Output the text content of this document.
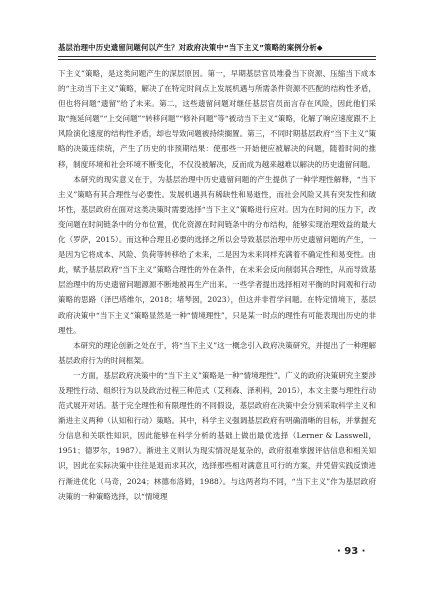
基层治理中历史遗留问题何以产生？对政府决策中“当下主义”策略的案例分析◆

下主义”策略，是这类问题产生的深层原因。第一，早期基层官员堆叠当下资源、压缩当下成本的“主动当下主义”策略，解决了在特定时间点上发展机遇与所需条件资源不匹配的结构性矛盾，但也将问题“遗留”给了未来。第二，这些遗留问题对继任基层官员而言存在风险，因此他们采取“拖延问题”“上交问题”“转移问题”“修补问题”等“被动当下主义”策略，化解了响应速度跟不上风险演化速度的结构性矛盾，却也导致问题被持续搁置。第三，不同时期基层政府“当下主义”策略的决策连续统，产生了历史的非预期结果：使那些一开始便应被解决的问题，随着时间的推移，制度环境和社会环境不断变化，不仅没被解决，反而成为越来越难以解决的历史遗留问题。

本研究的现实意义在于，为基层治理中历史遗留问题的产生提供了一种学理性解释，“当下主义”策略有其合理性与必要性。发展机遇具有稀缺性和易逝性，而社会风险又具有突发性和破坏性，基层政府在面对这类决策时需要选择“当下主义”策略进行应对。因为在时间的压力下，改变问题在时间链条中的分布位置，优化资源在时间链条中的分布结构，能够实现治理效益的最大化（罗萨，2015）。而这种合理且必要的选择之所以会导致基层治理中历史遗留问题的产生，一是因为它将成本、风险、负荷等转移给了未来，二是因为未来同样充满着不确定性和易变性。由此，赋予基层政府“当下主义”策略合理性的外在条件，在未来会反向削弱其合理性，从而导致基层治理中的历史遗留问题源源不断地被再生产出来。一些学者提出选择相对平衡的时间观和行动策略的思路（泽巴塔维尔，2018；堵琴囡，2023），但这并非哲学问题。在特定情境下，基层政府决策中“当下主义”策略显然是一种“情境理性”，只是某一时点的理性有可能表现出历史的非理性。

本研究的理论创新之处在于，将“当下主义”这一概念引入政府决策研究，并提出了一种理解基层政府行为的时间框架。

一方面，基层政府决策中的“当下主义”策略是一种“情境理性”。广义的政府决策研究主要涉及理性行动、组织行为以及政治过程三种范式（艾利森、泽利科，2015），本文主要与理性行动范式展开对话。基于完全理性和有限理性的不同假设，基层政府在决策中会分别采取科学主义和渐进主义两种（认知和行动）策略。其中，科学主义强调基层政府有明确清晰的目标，并掌握充分信息和关联性知识，因此能够在科学分析的基础上做出最优选择（Lerner & Lasswell，1951；德罗尔，1987）。渐进主义则认为现实情况是复杂的，政府很难掌握评估信息和相关知识，因此在实际决策中往往是退而求其次，选择那些相对满意且可行的方案，并凭借实践反馈进行渐进优化（马奇，2024；林德布洛姆，1988）。与这两者均不同，“当下主义”作为基层政府决策的一种策略选择，以“情境理

· 93 ·
